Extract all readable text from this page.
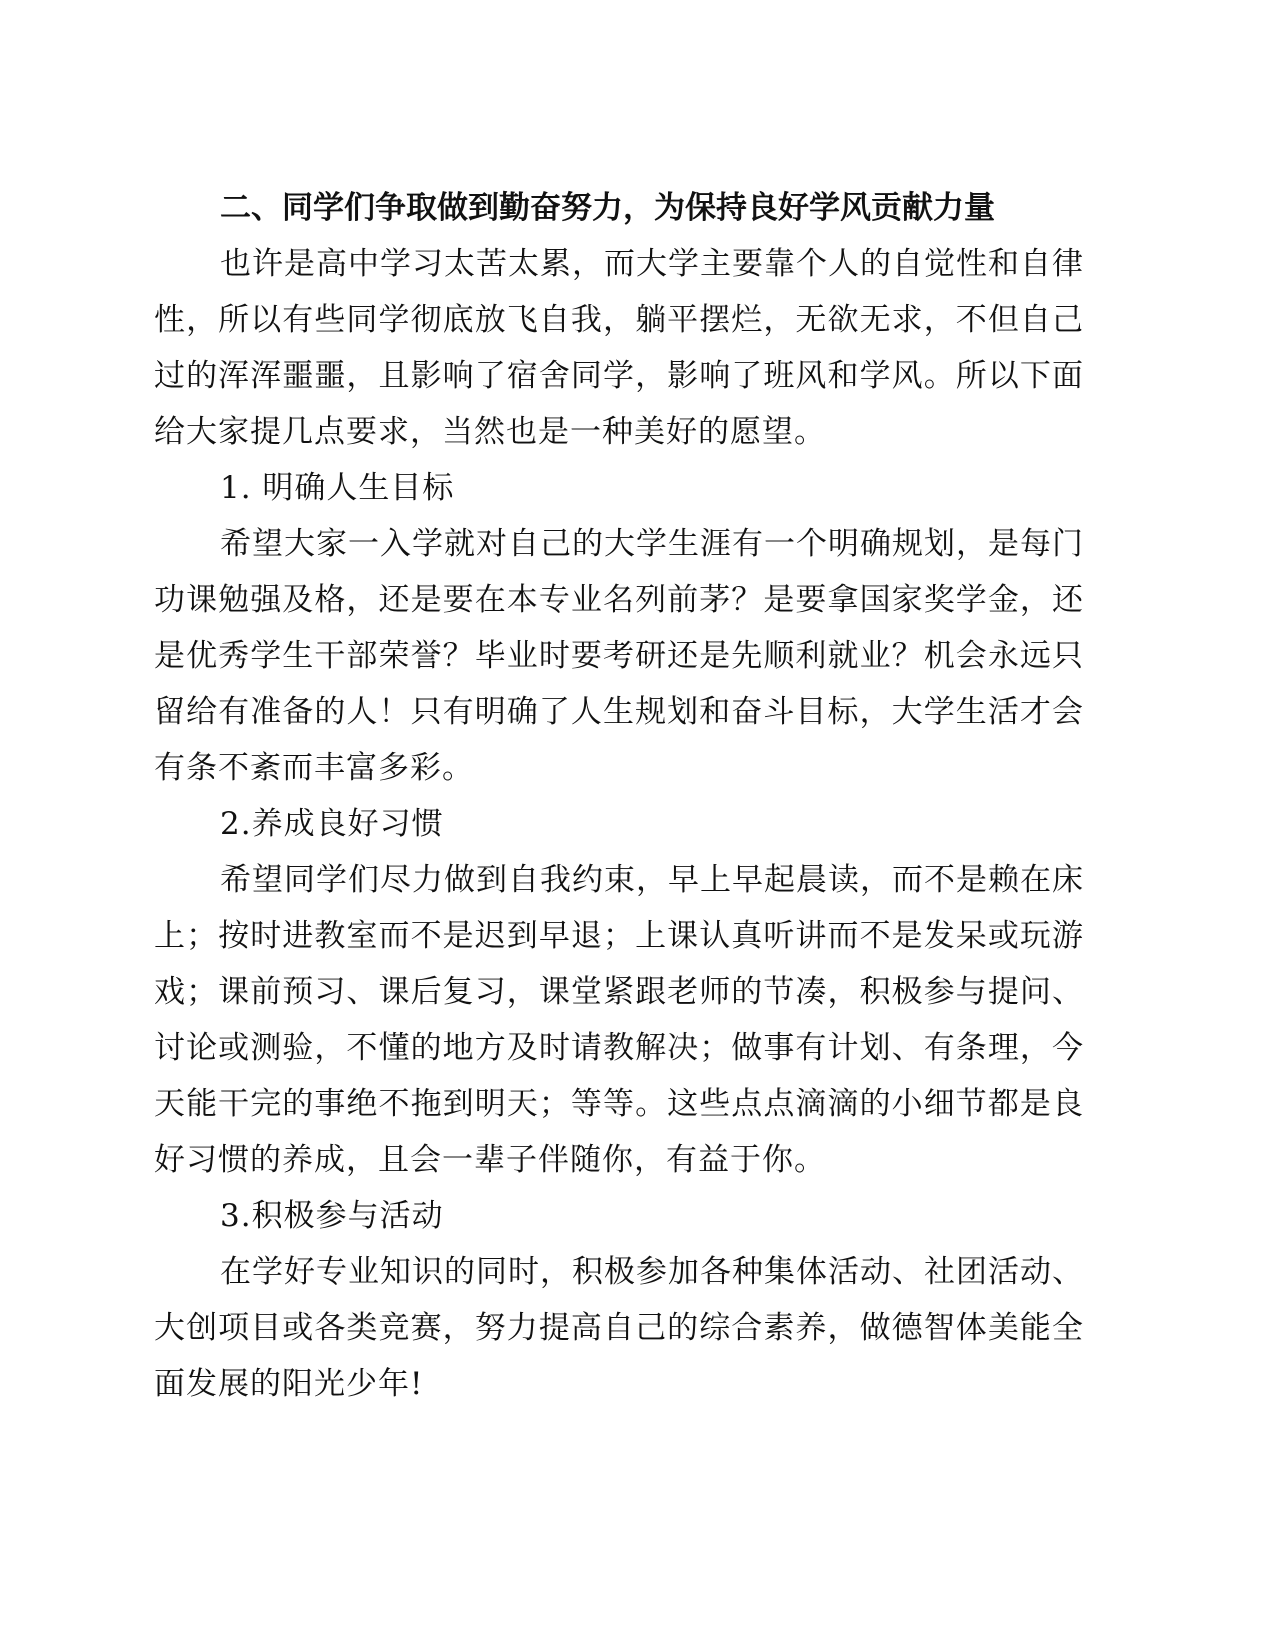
二、同学们争取做到勤奋努力，为保持良好学风贡献力量

也许是高中学习太苦太累，而大学主要靠个人的自觉性和自律性，所以有些同学彻底放飞自我，躺平摆烂，无欲无求，不但自己过的浑浑噩噩，且影响了宿舍同学，影响了班风和学风。所以下面给大家提几点要求，当然也是一种美好的愿望。

1. 明确人生目标

希望大家一入学就对自己的大学生涯有一个明确规划，是每门功课勉强及格，还是要在本专业名列前茅？是要拿国家奖学金，还是优秀学生干部荣誉？毕业时要考研还是先顺利就业？机会永远只留给有准备的人！只有明确了人生规划和奋斗目标，大学生活才会有条不紊而丰富多彩。

2.养成良好习惯

希望同学们尽力做到自我约束，早上早起晨读，而不是赖在床上；按时进教室而不是迟到早退；上课认真听讲而不是发呆或玩游戏；课前预习、课后复习，课堂紧跟老师的节凑，积极参与提问、讨论或测验，不懂的地方及时请教解决；做事有计划、有条理，今天能干完的事绝不拖到明天；等等。这些点点滴滴的小细节都是良好习惯的养成，且会一辈子伴随你，有益于你。

3.积极参与活动

在学好专业知识的同时，积极参加各种集体活动、社团活动、大创项目或各类竞赛，努力提高自己的综合素养，做德智体美能全面发展的阳光少年!
